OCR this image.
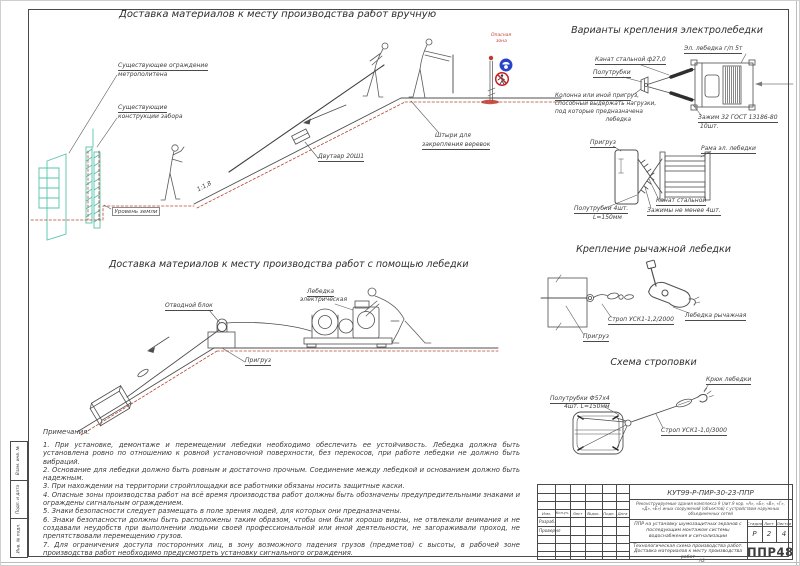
Доставка материалов к месту производства работ вручную
Доставка материалов к месту производства работ с помощью лебедки
Варианты крепления электролебедки
Крепление рычажной лебедки
Схема строповки
Существующее ограждение
метрополитена
Существующие
конструкции забора
Уровень земли
1:1,8
Двутавр 20Ш1
Штыри для
закрепления веревок
Опасная
зона
Отводной блок
Лебедка
электрическая
Пригруз
Эл. лебедка г/п 5т
Канат стальной ф27,0
Полутрубки
Колонна или иной пригруз,
способный выдержать нагрузки,
под которые предназначена
лебедка	Зажим 32 ГОСТ 13186-80
10шт.
Пригруз
Рама эл. лебедки
Канат стальной
Зажимы не менее 4шт.
Полутрубки 4шт.
L=150мм
Строп УСК1-1,2/2000
Лебедка рычажная
Пригруз
Полутрубки Ф57х4
4шт. L=150мм
Крюк лебедки
Строп УСК1-1,0/3000
Примечания:
1. При установке, демонтаже и перемещении лебедки необходимо обеспечить ее устойчивость. Лебедка должна быть установлена ровно по отношению к ровной установочной поверхности, без перекосов, при работе лебедки не должно быть вибраций.
2. Основание для лебедки должно быть ровным и достаточно прочным. Соединение между лебедкой и основанием должно быть надежным.
3. При нахождении на территории стройплощадки все работники обязаны носить защитные каски.
4. Опасные зоны производства работ на всё время производства работ должны быть обозначены предупредительными знаками и ограждены сигнальным ограждением.
5. Знаки безопасности следует размещать в поле зрения людей, для которых они предназначены.
6. Знаки безопасности должны быть расположены таким образом, чтобы они были хорошо видны, не отвлекали внимания и не создавали неудобств при выполнении людьми своей профессиональной или иной деятельности, не загораживали проход, не препятствовали перемещению грузов.
7. Для ограничения доступа посторонних лиц, в зону возможного падения грузов (предметов) с высоты, в рабочей зоне производства работ необходимо предусмотреть установку сигнального ограждения.
Изм.	Кол.уч. Лист	№док. Подп. Дата
Разраб.
Проверил
КУТ99-Р-ПИР-30-23-ППР
Реконструируемые здания комплекса 9 (лит.9 кор. «А», «Б», «В», «Г», «Д», «Е») иных сооружений (объектов) с устройством наружных объединенных сетей
ППР на установку шумозащитных экранов с последующим монтажом системы водоснабжения и сигнализации
Стадия Лист Листов
Р	2	4
Технологическая схема производства работ. Доставка материалов к месту производства работ	ППР48
Взам. инв. №
Подп. и дата
Инв. № подл.
